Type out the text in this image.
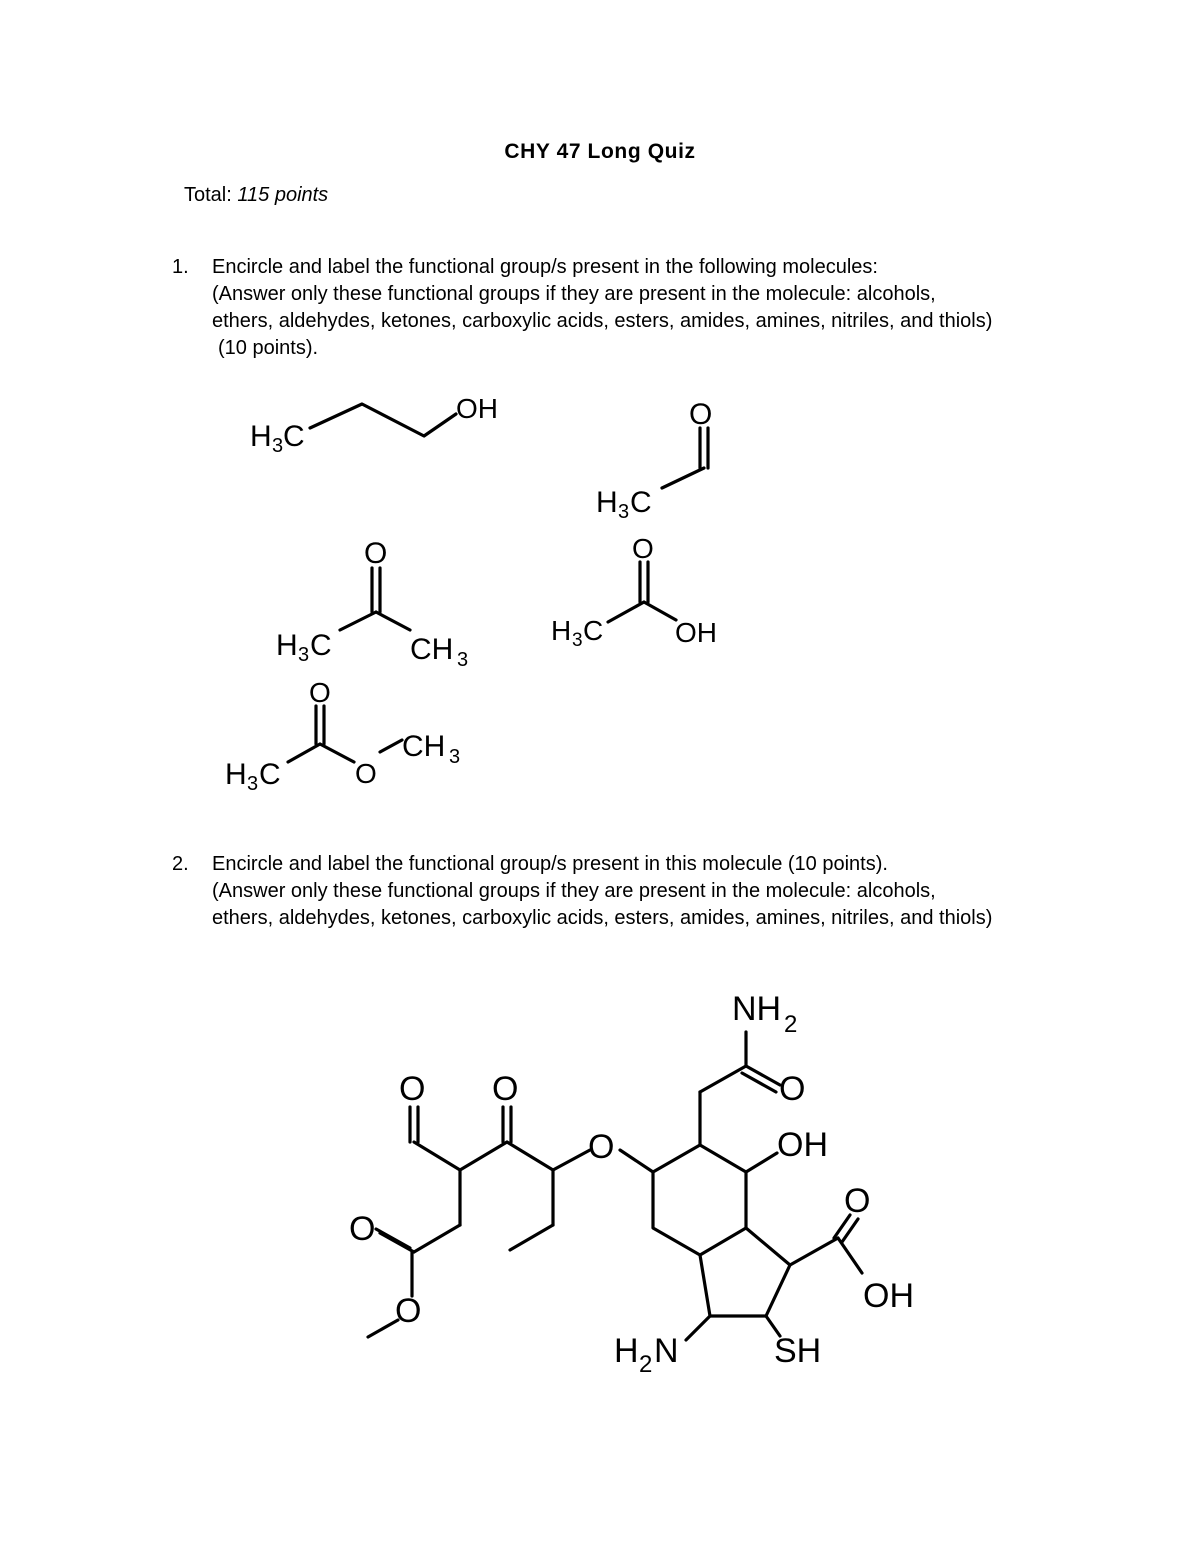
CHY 47 Long Quiz
Total: 115 points
1. Encircle and label the functional group/s present in the following molecules:
(Answer only these functional groups if they are present in the molecule: alcohols,
ethers, aldehydes, ketones, carboxylic acids, esters, amides, amines, nitriles, and thiols)
(10 points).
2. Encircle and label the functional group/s present in this molecule (10 points).
(Answer only these functional groups if they are present in the molecule: alcohols,
ethers, aldehydes, ketones, carboxylic acids, esters, amides, amines, nitriles, and thiols)
H 3 C
OH	O
H 3 C
O
H 3 C	CH 3
O
H 3 C	OH
O
O
H 3 C
CH 3
O O
O
O
O
O
OH
O
OH
NH 2
H 2 N	SH
